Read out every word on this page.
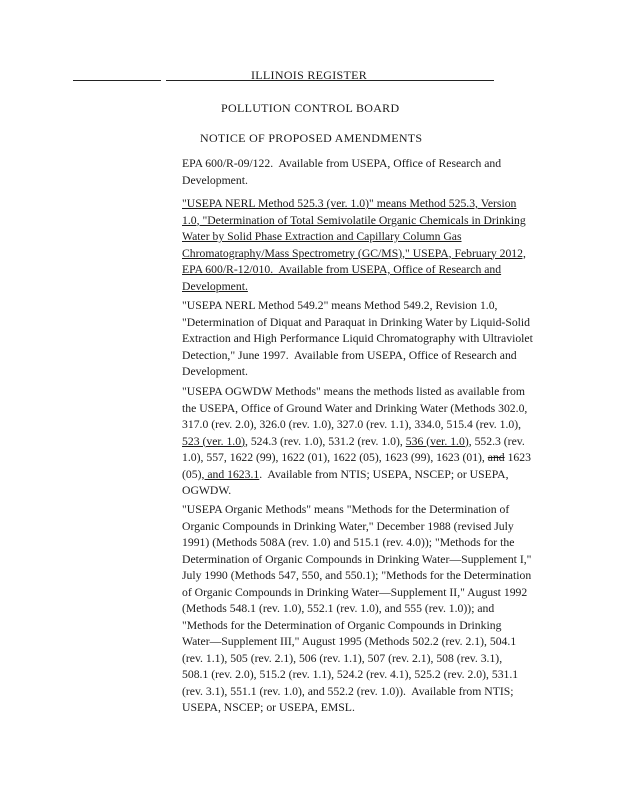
ILLINOIS REGISTER
POLLUTION CONTROL BOARD
NOTICE OF PROPOSED AMENDMENTS
EPA 600/R-09/122.  Available from USEPA, Office of Research and
Development.
"USEPA NERL Method 525.3 (ver. 1.0)" means Method 525.3, Version
1.0, "Determination of Total Semivolatile Organic Chemicals in Drinking
Water by Solid Phase Extraction and Capillary Column Gas
Chromatography/Mass Spectrometry (GC/MS)," USEPA, February 2012,
EPA 600/R-12/010.  Available from USEPA, Office of Research and
Development.
"USEPA NERL Method 549.2" means Method 549.2, Revision 1.0,
"Determination of Diquat and Paraquat in Drinking Water by Liquid-Solid
Extraction and High Performance Liquid Chromatography with Ultraviolet
Detection," June 1997.  Available from USEPA, Office of Research and
Development.
"USEPA OGWDW Methods" means the methods listed as available from
the USEPA, Office of Ground Water and Drinking Water (Methods 302.0,
317.0 (rev. 2.0), 326.0 (rev. 1.0), 327.0 (rev. 1.1), 334.0, 515.4 (rev. 1.0),
523 (ver. 1.0), 524.3 (rev. 1.0), 531.2 (rev. 1.0), 536 (ver. 1.0), 552.3 (rev.
1.0), 557, 1622 (99), 1622 (01), 1622 (05), 1623 (99), 1623 (01), and 1623
(05), and 1623.1.  Available from NTIS; USEPA, NSCEP; or USEPA,
OGWDW.
"USEPA Organic Methods" means "Methods for the Determination of
Organic Compounds in Drinking Water," December 1988 (revised July
1991) (Methods 508A (rev. 1.0) and 515.1 (rev. 4.0)); "Methods for the
Determination of Organic Compounds in Drinking Water—Supplement I,"
July 1990 (Methods 547, 550, and 550.1); "Methods for the Determination
of Organic Compounds in Drinking Water—Supplement II," August 1992
(Methods 548.1 (rev. 1.0), 552.1 (rev. 1.0), and 555 (rev. 1.0)); and
"Methods for the Determination of Organic Compounds in Drinking
Water—Supplement III," August 1995 (Methods 502.2 (rev. 2.1), 504.1
(rev. 1.1), 505 (rev. 2.1), 506 (rev. 1.1), 507 (rev. 2.1), 508 (rev. 3.1),
508.1 (rev. 2.0), 515.2 (rev. 1.1), 524.2 (rev. 4.1), 525.2 (rev. 2.0), 531.1
(rev. 3.1), 551.1 (rev. 1.0), and 552.2 (rev. 1.0)).  Available from NTIS;
USEPA, NSCEP; or USEPA, EMSL.
